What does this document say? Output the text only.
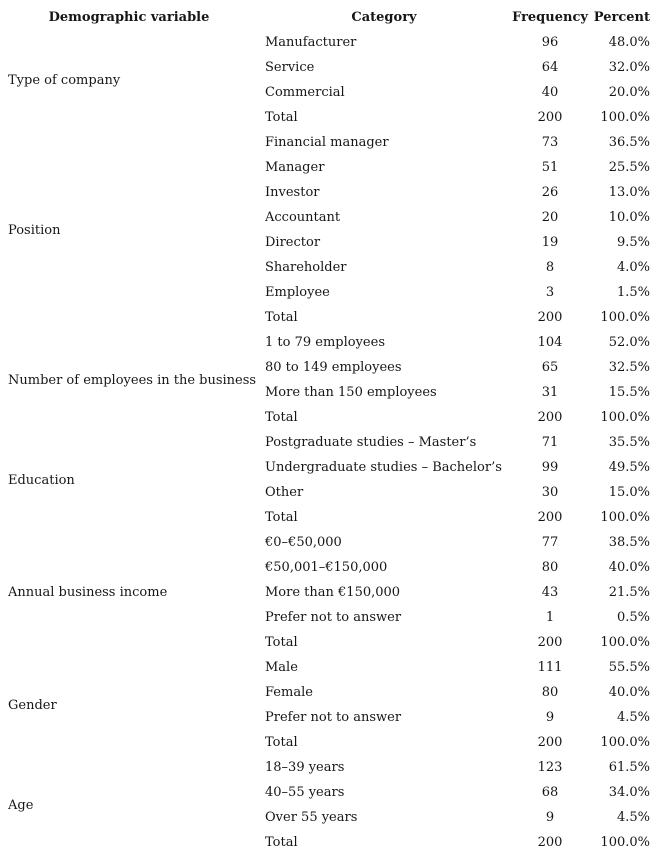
Demographic variable	Category	Frequency Percent
Type of company
Manufacturer	96	48.0%
Service	64	32.0%
Commercial	40	20.0%
Total	200	100.0%
Position
Financial manager	73	36.5%
Manager	51	25.5%
Investor	26	13.0%
Accountant	20	10.0%
Director	19	9.5%
Shareholder	8	4.0%
Employee	3	1.5%
Total	200	100.0%
Number of employees in the business
1 to 79 employees	104	52.0%
80 to 149 employees	65	32.5%
More than 150 employees	31	15.5%
Total	200	100.0%
Education
Postgraduate studies – Master’s	71	35.5%
Undergraduate studies – Bachelor’s	99	49.5%
Other	30	15.0%
Total	200	100.0%
Annual business income
€0–€50,000	77	38.5%
€50,001–€150,000	80	40.0%
More than €150,000	43	21.5%
Prefer not to answer	1	0.5%
Total	200	100.0%
Gender
Male	111	55.5%
Female	80	40.0%
Prefer not to answer	9	4.5%
Total	200	100.0%
Age
18–39 years	123	61.5%
40–55 years	68	34.0%
Over 55 years	9	4.5%
Total	200	100.0%
